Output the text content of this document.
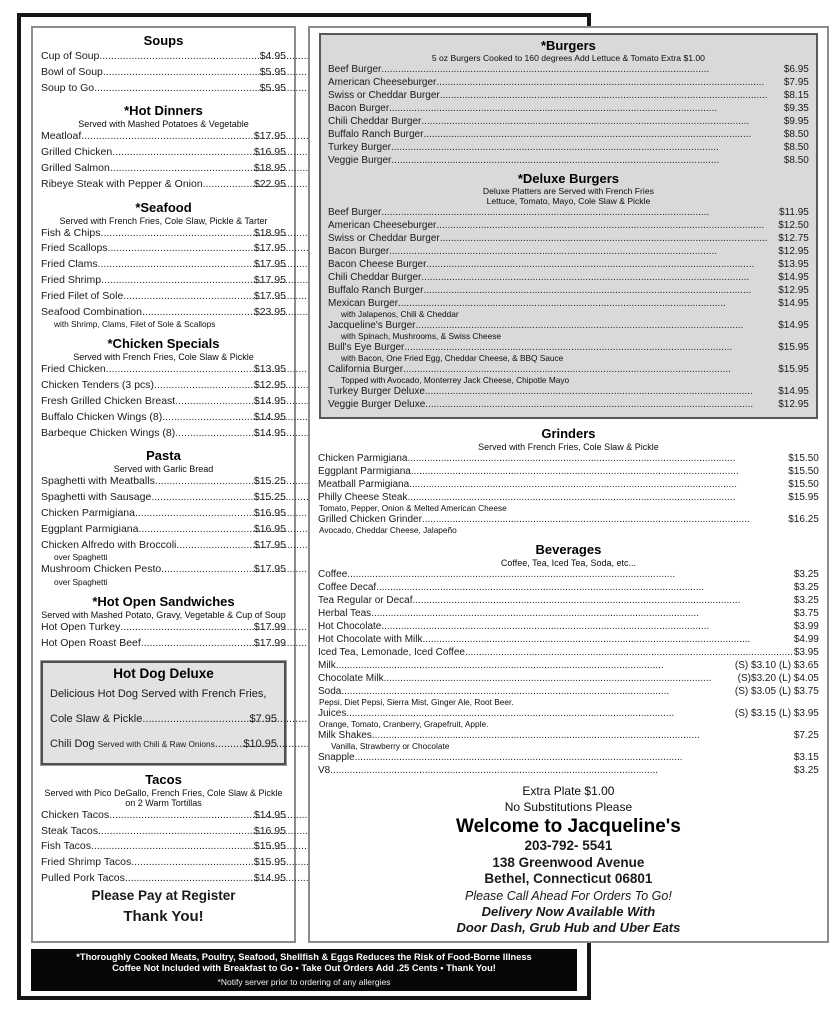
Soups
Cup of Soup .....	$4.95
Bowl of Soup .....	$5.95
Soup to Go .....	$5.95
*Hot Dinners
Served with Mashed Potatoes & Vegetable
Meatloaf .....	$17.95
Grilled Chicken .....	$16.95
Grilled Salmon .....	$18.95
Ribeye Steak with Pepper & Onion .....	$22.95
*Seafood
Served with French Fries, Cole Slaw, Pickle & Tarter
Fish & Chips .....	$18.95
Fried Scallops .....	$17.95
Fried Clams .....	$17.95
Fried Shrimp .....	$17.95
Fried Filet of Sole .....	$17.95
Seafood Combination .....	$23.95
with Shrimp, Clams, Filet of Sole & Scallops
*Chicken Specials
Served with French Fries, Cole Slaw & Pickle
Fried Chicken .....	$13.95
Chicken Tenders (3 pcs) .....	$12.95
Fresh Grilled Chicken Breast .....	$14.95
Buffalo Chicken Wings (8) .....	$14.95
Barbeque Chicken Wings (8) .....	$14.95
Pasta
Served with Garlic Bread
Spaghetti with Meatballs .....	$15.25
Spaghetti with Sausage .....	$15.25
Chicken Parmigiana .....	$16.95
Eggplant Parmigiana .....	$16.95
Chicken Alfredo with Broccoli .....	$17.95
over Spaghetti
Mushroom Chicken Pesto .....	$17.95
over Spaghetti
*Hot Open Sandwiches
Served with Mashed Potato, Gravy, Vegetable & Cup of Soup
Hot Open Turkey .....	$17.99
Hot Open Roast Beef .....	$17.99
Hot Dog Deluxe
Delicious Hot Dog Served with French Fries,
Cole Slaw & Pickle .....	$7.95
Chili Dog Served with Chili & Raw Onions .....	$10.95
Tacos
Served with Pico DeGallo, French Fries, Cole Slaw & Pickle
on 2 Warm Tortillas
Chicken Tacos .....	$14.95
Steak Tacos .....	$16.95
Fish Tacos .....	$15.95
Fried Shrimp Tacos .....	$15.95
Pulled Pork Tacos .....	$14.95
Please Pay at Register
Thank You!
*Burgers
5 oz Burgers Cooked to 160 degrees Add Lettuce & Tomato Extra $1.00
Beef Burger .....	$6.95
American Cheeseburger .....	$7.95
Swiss or Cheddar Burger .....	$8.15
Bacon Burger .....	$9.35
Chili Cheddar Burger .....	$9.95
Buffalo Ranch Burger .....	$8.50
Turkey Burger .....	$8.50
Veggie Burger .....	$8.50
*Deluxe Burgers
Deluxe Platters are Served with French Fries
Lettuce, Tomato, Mayo, Cole Slaw & Pickle
Beef Burger .....	$11.95
American Cheeseburger .....	$12.50
Swiss or Cheddar Burger .....	$12.75
Bacon Burger .....	$12.95
Bacon Cheese Burger .....	$13.95
Chili Cheddar Burger .....	$14.95
Buffalo Ranch Burger .....	$12.95
Mexican Burger .....	$14.95
with Jalapenos, Chili & Cheddar
Jacqueline's Burger .....	$14.95
with Spinach, Mushrooms, & Swiss Cheese
Bull's Eye Burger .....	$15.95
with Bacon, One Fried Egg, Cheddar Cheese, & BBQ Sauce
California Burger .....	$15.95
Topped with Avocado, Monterrey Jack Cheese, Chipotle Mayo
Turkey Burger Deluxe .....	$14.95
Veggie Burger Deluxe .....	$12.95
Grinders
Served with French Fries, Cole Slaw & Pickle
Chicken Parmigiana .....	$15.50
Eggplant Parmigiana .....	$15.50
Meatball Parmigiana .....	$15.50
Philly Cheese Steak .....	$15.95
Tomato, Pepper, Onion & Melted American Cheese
Grilled Chicken Grinder .....	$16.25
Avocado, Cheddar Cheese, Jalapeño
Beverages
Coffee, Tea, Iced Tea, Soda, etc...
Coffee .....	$3.25
Coffee Decaf .....	$3.25
Tea Regular or Decaf .....	$3.25
Herbal Teas .....	$3.75
Hot Chocolate .....	$3.99
Hot Chocolate with Milk .....	$4.99
Iced Tea, Lemonade, Iced Coffee .....	$3.95
Milk .....	(S) $3.10 (L) $3.65
Chocolate Milk .....	(S)$3.20 (L) $4.05
Soda .....	(S) $3.05 (L) $3.75
Pepsi, Diet Pepsi, Sierra Mist, Ginger Ale, Root Beer.
Juices .....	(S) $3.15 (L) $3.95
Orange, Tomato, Cranberry, Grapefruit, Apple.
Milk Shakes .....	$7.25
Vanilla, Strawberry or Chocolate
Snapple .....	$3.15
V8 .....	$3.25
Extra Plate $1.00
No Substitutions Please
Welcome to Jacqueline's
203-792- 5541
138 Greenwood Avenue
Bethel, Connecticut 06801
Please Call Ahead For Orders To Go!
Delivery Now Available With
Door Dash, Grub Hub and Uber Eats
*Thoroughly Cooked Meats, Poultry, Seafood, Shellfish & Eggs Reduces the Risk of Food-Borne Illness
Coffee Not Included with Breakfast to Go • Take Out Orders Add .25 Cents • Thank You!
*Notify server prior to ordering of any allergies
